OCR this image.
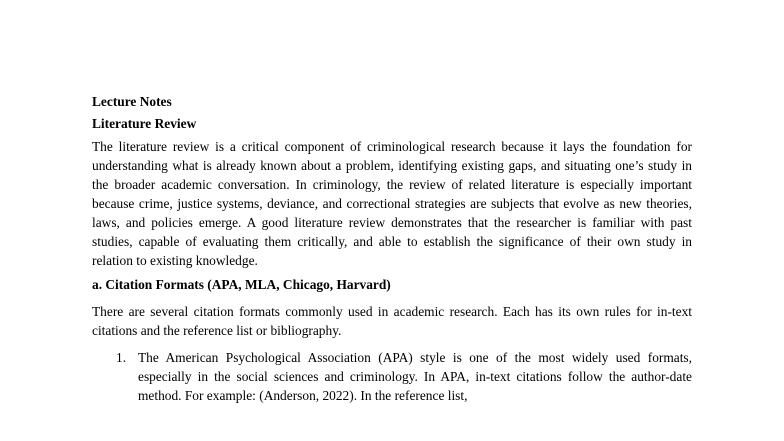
Lecture Notes

Literature Review

The literature review is a critical component of criminological research because it lays the foundation for understanding what is already known about a problem, identifying existing gaps, and situating one’s study in the broader academic conversation. In criminology, the review of related literature is especially important because crime, justice systems, deviance, and correctional strategies are subjects that evolve as new theories, laws, and policies emerge. A good literature review demonstrates that the researcher is familiar with past studies, capable of evaluating them critically, and able to establish the significance of their own study in relation to existing knowledge.

a. Citation Formats (APA, MLA, Chicago, Harvard)

There are several citation formats commonly used in academic research. Each has its own rules for in-text citations and the reference list or bibliography.

1. The American Psychological Association (APA) style is one of the most widely used formats, especially in the social sciences and criminology. In APA, in-text citations follow the author-date method. For example: (Anderson, 2022). In the reference list,
